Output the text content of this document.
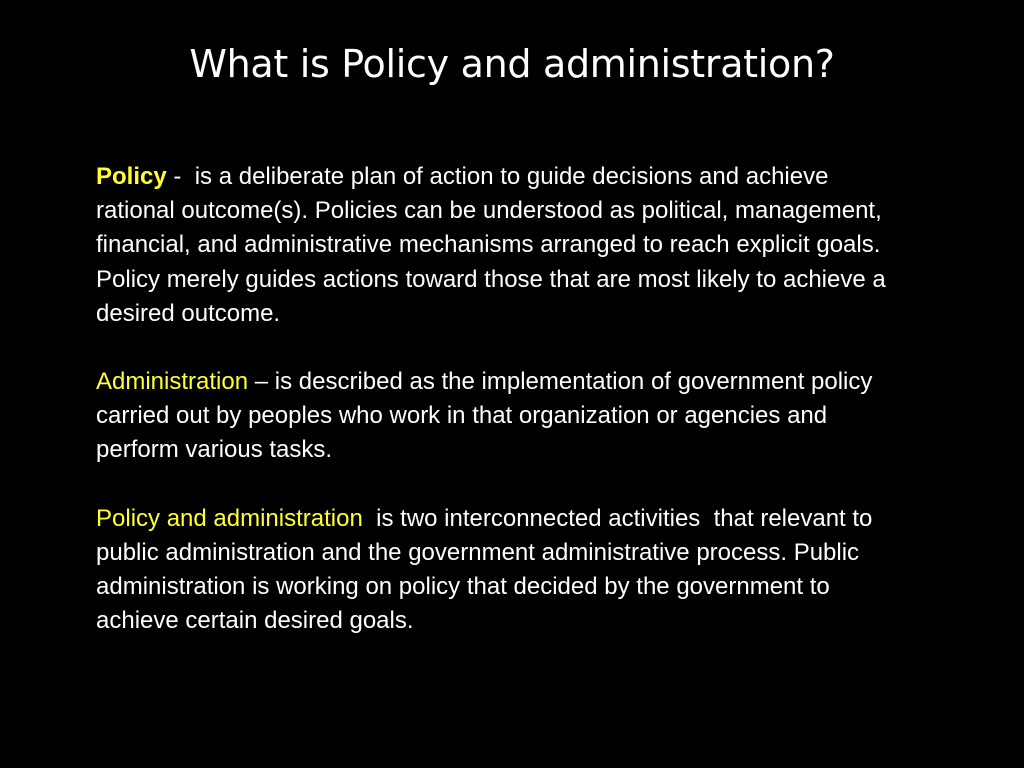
What is Policy and administration?

Policy -  is a deliberate plan of action to guide decisions and achieve rational outcome(s). Policies can be understood as political, management, financial, and administrative mechanisms arranged to reach explicit goals. Policy merely guides actions toward those that are most likely to achieve a desired outcome.

Administration – is described as the implementation of government policy carried out by peoples who work in that organization or agencies and perform various tasks.

Policy and administration  is two interconnected activities  that relevant to public administration and the government administrative process. Public administration is working on policy that decided by the government to achieve certain desired goals.
